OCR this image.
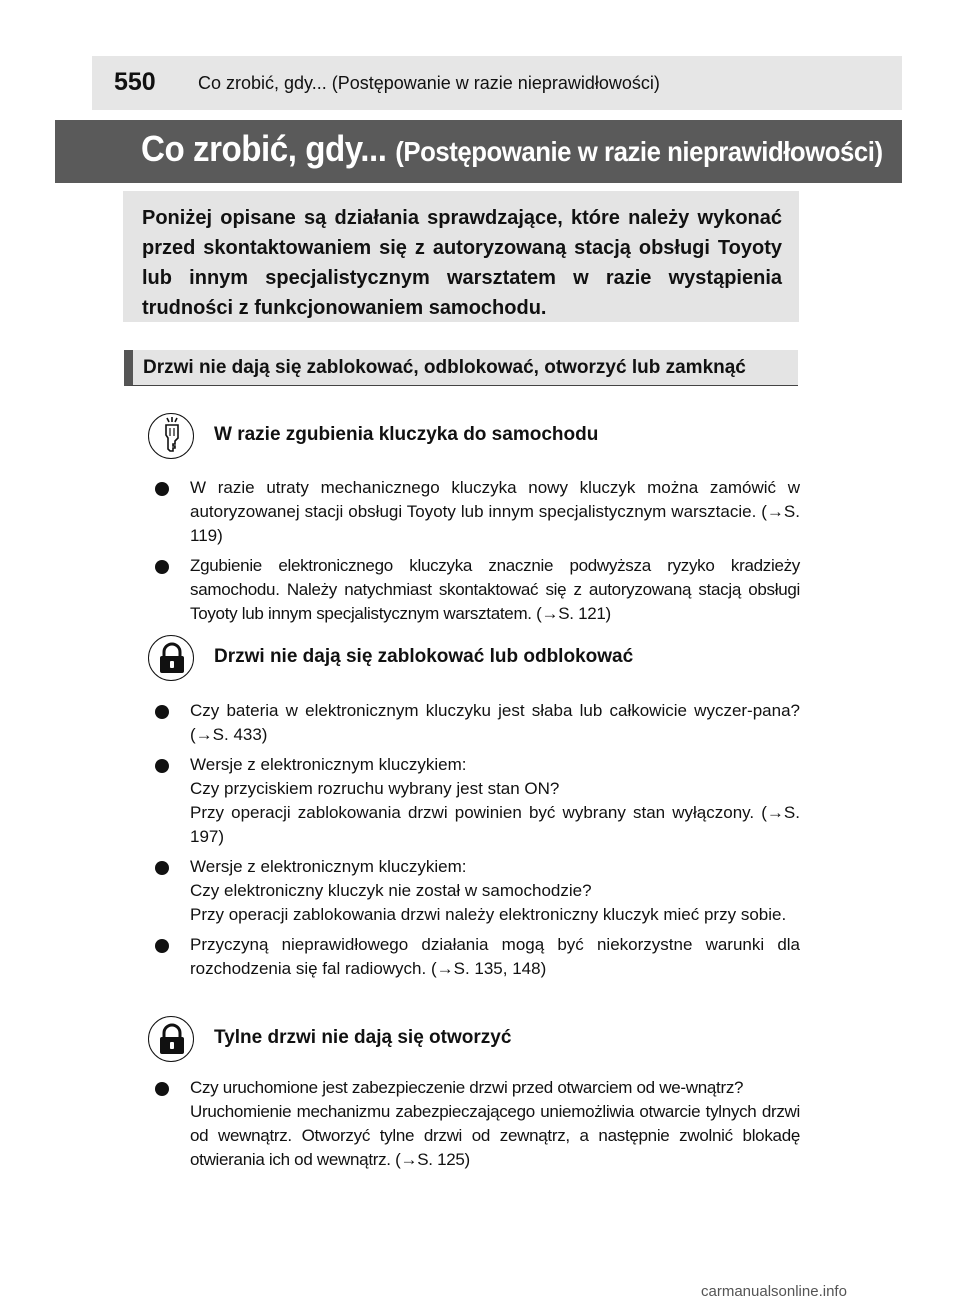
550 Co zrobić, gdy... (Postępowanie w razie nieprawidłowości)
Co zrobić, gdy... (Postępowanie w razie nieprawidłowości)
Poniżej opisane są działania sprawdzające, które należy wykonać przed skontaktowaniem się z autoryzowaną stacją obsługi Toyoty lub innym specjalistycznym warsztatem w razie wystąpienia trudności z funkcjonowaniem samochodu.
Drzwi nie dają się zablokować, odblokować, otworzyć lub zamknąć
W razie zgubienia kluczyka do samochodu
W razie utraty mechanicznego kluczyka nowy kluczyk można zamówić w autoryzowanej stacji obsługi Toyoty lub innym specjalistycznym warsztacie. (→S. 119)
Zgubienie elektronicznego kluczyka znacznie podwyższa ryzyko kradzieży samochodu. Należy natychmiast skontaktować się z autoryzowaną stacją obsługi Toyoty lub innym specjalistycznym warsztatem. (→S. 121)
Drzwi nie dają się zablokować lub odblokować
Czy bateria w elektronicznym kluczyku jest słaba lub całkowicie wyczer-pana? (→S. 433)
Wersje z elektronicznym kluczykiem:
Czy przyciskiem rozruchu wybrany jest stan ON?
Przy operacji zablokowania drzwi powinien być wybrany stan wyłączony. (→S. 197)
Wersje z elektronicznym kluczykiem:
Czy elektroniczny kluczyk nie został w samochodzie?
Przy operacji zablokowania drzwi należy elektroniczny kluczyk mieć przy sobie.
Przyczyną nieprawidłowego działania mogą być niekorzystne warunki dla rozchodzenia się fal radiowych. (→S. 135, 148)
Tylne drzwi nie dają się otworzyć
Czy uruchomione jest zabezpieczenie drzwi przed otwarciem od we-wnątrz?
Uruchomienie mechanizmu zabezpieczającego uniemożliwia otwarcie tylnych drzwi od wewnątrz. Otworzyć tylne drzwi od zewnątrz, a następnie zwolnić blokadę otwierania ich od wewnątrz. (→S. 125)
carmanualsonline.info
